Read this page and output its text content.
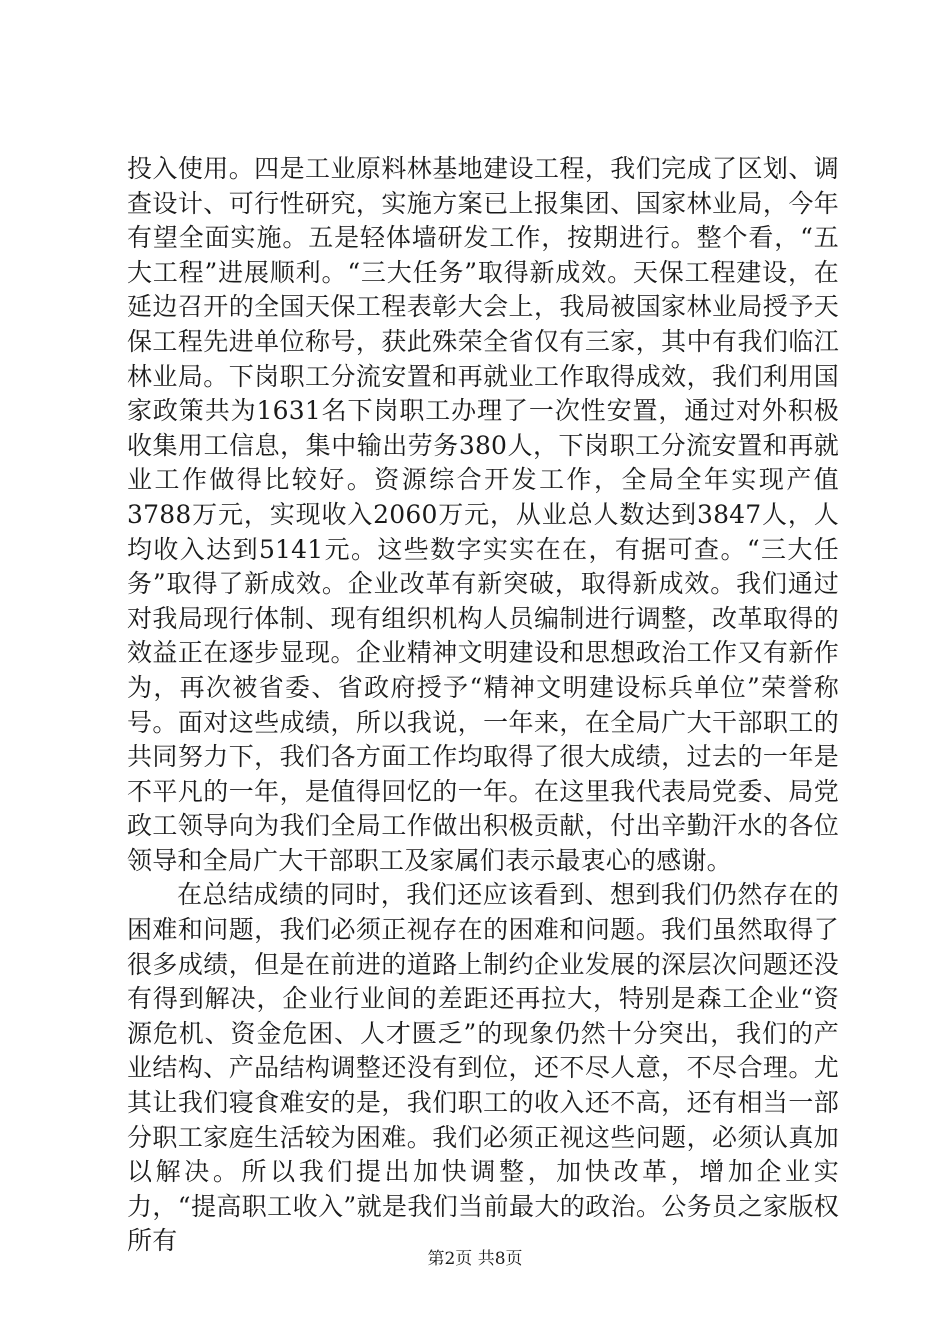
投入使用。四是工业原料林基地建设工程，我们完成了区划、调查设计、可行性研究，实施方案已上报集团、国家林业局，今年有望全面实施。五是轻体墙研发工作，按期进行。整个看，“五大工程”进展顺利。“三大任务”取得新成效。天保工程建设，在延边召开的全国天保工程表彰大会上，我局被国家林业局授予天保工程先进单位称号，获此殊荣全省仅有三家，其中有我们临江林业局。下岗职工分流安置和再就业工作取得成效，我们利用国家政策共为1631名下岗职工办理了一次性安置，通过对外积极收集用工信息，集中输出劳务380人，下岗职工分流安置和再就业工作做得比较好。资源综合开发工作，全局全年实现产值3788万元，实现收入2060万元，从业总人数达到3847人，人均收入达到5141元。这些数字实实在在，有据可查。“三大任务”取得了新成效。企业改革有新突破，取得新成效。我们通过对我局现行体制、现有组织机构人员编制进行调整，改革取得的效益正在逐步显现。企业精神文明建设和思想政治工作又有新作为，再次被省委、省政府授予“精神文明建设标兵单位”荣誉称号。面对这些成绩，所以我说，一年来，在全局广大干部职工的共同努力下，我们各方面工作均取得了很大成绩，过去的一年是不平凡的一年，是值得回忆的一年。在这里我代表局党委、局党政工领导向为我们全局工作做出积极贡献，付出辛勤汗水的各位领导和全局广大干部职工及家属们表示最衷心的感谢。

在总结成绩的同时，我们还应该看到、想到我们仍然存在的困难和问题，我们必须正视存在的困难和问题。我们虽然取得了很多成绩，但是在前进的道路上制约企业发展的深层次问题还没有得到解决，企业行业间的差距还再拉大，特别是森工企业“资源危机、资金危困、人才匮乏”的现象仍然十分突出，我们的产业结构、产品结构调整还没有到位，还不尽人意，不尽合理。尤其让我们寝食难安的是，我们职工的收入还不高，还有相当一部分职工家庭生活较为困难。我们必须正视这些问题，必须认真加以解决。所以我们提出加快调整，加快改革，增加企业实力，“提高职工收入”就是我们当前最大的政治。公务员之家版权所有

第2页 共8页
